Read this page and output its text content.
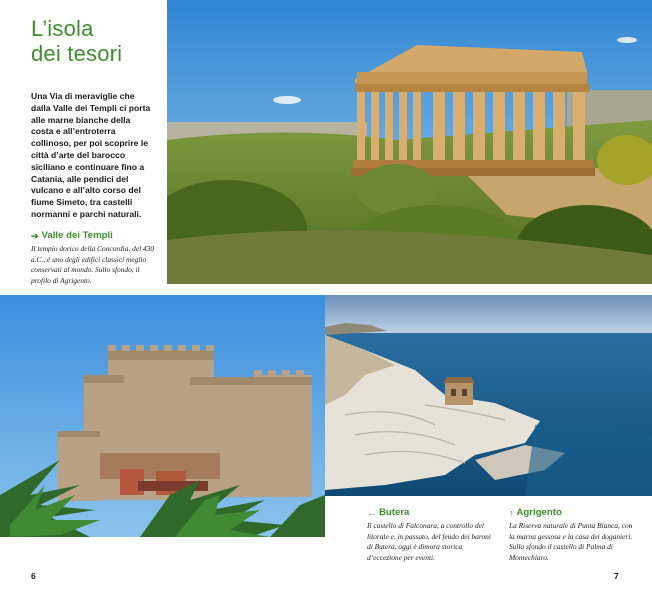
L’isola
dei tesori

Una Via di meraviglie che dalla Valle dei Templi ci porta alle marne bianche della costa e all’entroterra collinoso, per poi scoprire le città d’arte del barocco siciliano e continuare fino a Catania, alle pendici del vulcano e all’alto corso del fiume Simeto, tra castelli normanni e parchi naturali.

➔ Valle dei Templi

Il tempio dorico della Concordia, del 430 a.C., è uno degli edifici classici meglio conservati al mondo. Sullo sfondo, il profilo di Agrigento.

← Butera

Il castello di Falconara, a controllo del litorale e, in passato, del feudo dei baroni di Butera, oggi è dimora storica d’eccezione per eventi.

↑ Agrigento

La Riserva naturale di Punta Bianca, con la marna gessosa e la casa dei doganieri. Sullo sfondo il castello di Palma di Montechiaro.

6	7
